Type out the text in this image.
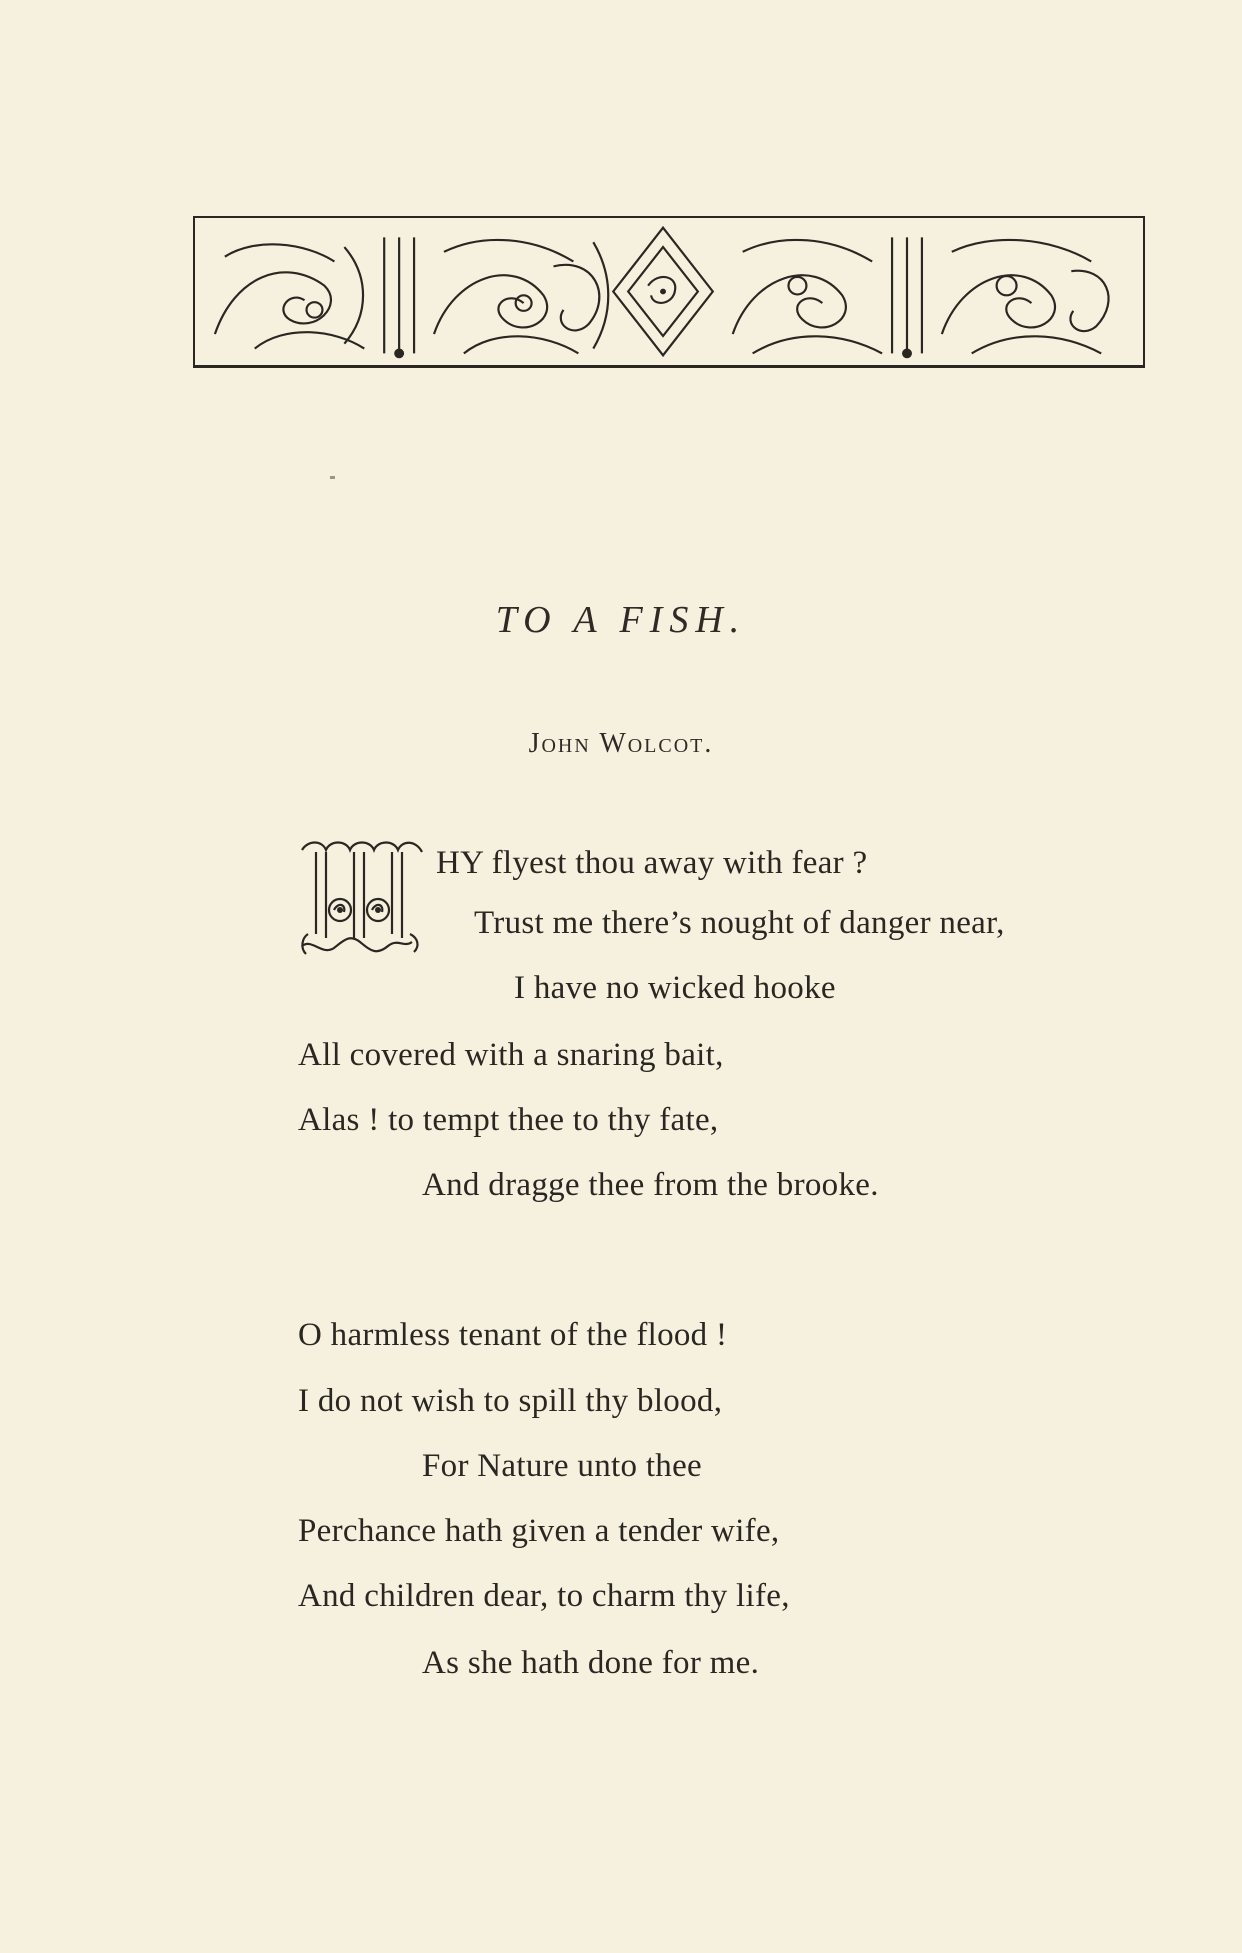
TO A FISH.
John Wolcot.
HY flyest thou away with fear ?
Trust me there’s nought of danger near,
I have no wicked hooke
All covered with a snaring bait,
Alas ! to tempt thee to thy fate,
And dragge thee from the brooke.
O harmless tenant of the flood !
I do not wish to spill thy blood,
For Nature unto thee
Perchance hath given a tender wife,
And children dear, to charm thy life,
As she hath done for me.
